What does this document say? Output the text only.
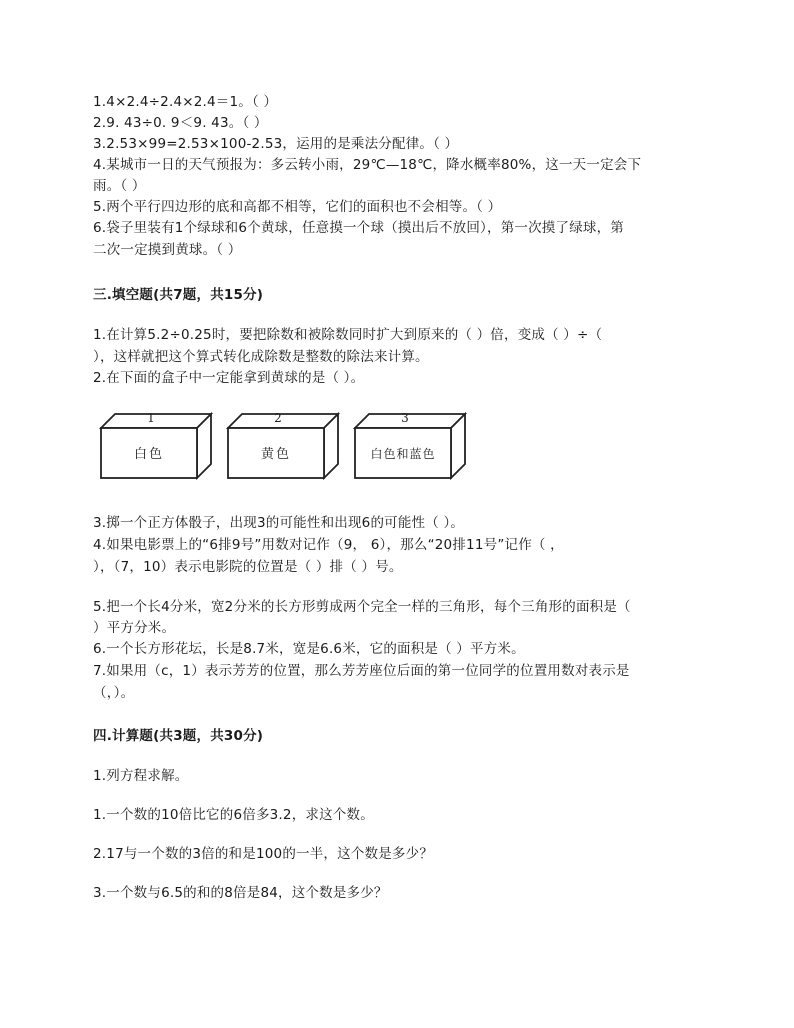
1.4×2.4÷2.4×2.4＝1。（ ）
2.9. 43÷0. 9＜9. 43。（ ）
3.2.53×99=2.53×100-2.53，运用的是乘法分配律。（ ）
4.某城市一日的天气预报为：多云转小雨，29℃—18℃，降水概率80%，这一天一定会下
雨。（ ）
5.两个平行四边形的底和高都不相等，它们的面积也不会相等。（ ）
6.袋子里装有1个绿球和6个黄球，任意摸一个球（摸出后不放回），第一次摸了绿球，第
二次一定摸到黄球。（ ）
三.填空题(共7题，共15分)
1.在计算5.2÷0.25时，要把除数和被除数同时扩大到原来的（ ）倍，变成（ ）÷（
），这样就把这个算式转化成除数是整数的除法来计算。
2.在下面的盒子中一定能拿到黄球的是（ ）。
1	2	3
白色	黄色	白色和蓝色
3.掷一个正方体骰子，出现3的可能性和出现6的可能性（ ）。
4.如果电影票上的“6排9号”用数对记作（9， 6），那么“20排11号”记作（ ，
），（7，10）表示电影院的位置是（ ）排（ ）号。
5.把一个长4分米，宽2分米的长方形剪成两个完全一样的三角形，每个三角形的面积是（
）平方分米。
6.一个长方形花坛，长是8.7米，宽是6.6米，它的面积是（ ）平方米。
7.如果用（c，1）表示芳芳的位置，那么芳芳座位后面的第一位同学的位置用数对表示是
（，）。
四.计算题(共3题，共30分)
1.列方程求解。
1.一个数的10倍比它的6倍多3.2，求这个数。
2.17与一个数的3倍的和是100的一半，这个数是多少？
3.一个数与6.5的和的8倍是84，这个数是多少？
